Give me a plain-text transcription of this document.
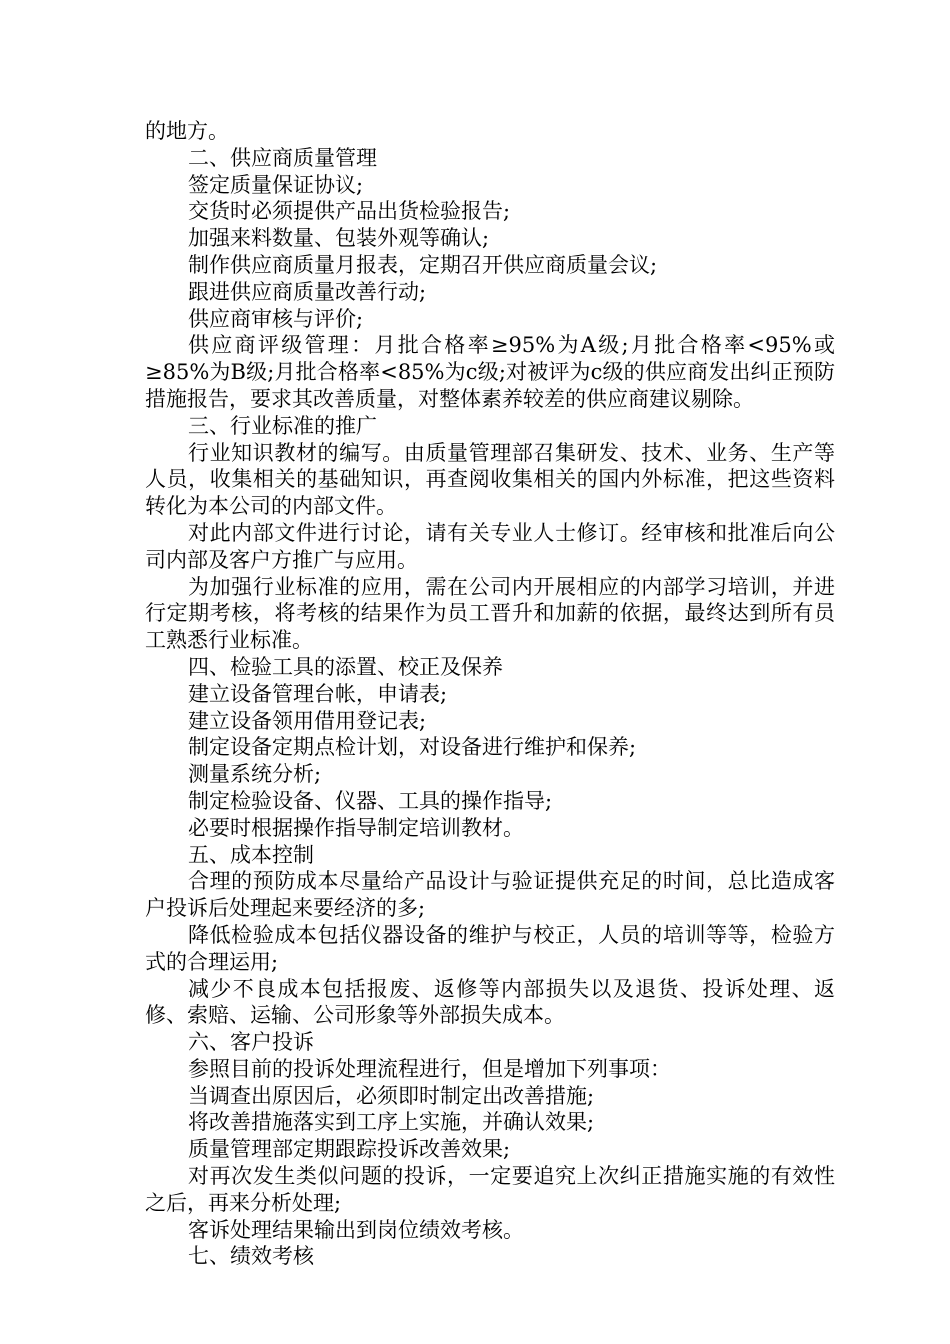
的地方。

二、供应商质量管理

签定质量保证协议;

交货时必须提供产品出货检验报告;

加强来料数量、包装外观等确认;

制作供应商质量月报表，定期召开供应商质量会议;

跟进供应商质量改善行动;

供应商审核与评价;

供应商评级管理：月批合格率≥95%为A级;月批合格率<95%或≥85%为B级;月批合格率<85%为c级;对被评为c级的供应商发出纠正预防措施报告，要求其改善质量，对整体素养较差的供应商建议剔除。

三、行业标准的推广

行业知识教材的编写。由质量管理部召集研发、技术、业务、生产等人员，收集相关的基础知识，再查阅收集相关的国内外标准，把这些资料转化为本公司的内部文件。

对此内部文件进行讨论，请有关专业人士修订。经审核和批准后向公司内部及客户方推广与应用。

为加强行业标准的应用，需在公司内开展相应的内部学习培训，并进行定期考核，将考核的结果作为员工晋升和加薪的依据，最终达到所有员工熟悉行业标准。

四、检验工具的添置、校正及保养

建立设备管理台帐，申请表;

建立设备领用借用登记表;

制定设备定期点检计划，对设备进行维护和保养;

测量系统分析;

制定检验设备、仪器、工具的操作指导;

必要时根据操作指导制定培训教材。

五、成本控制

合理的预防成本尽量给产品设计与验证提供充足的时间，总比造成客户投诉后处理起来要经济的多;

降低检验成本包括仪器设备的维护与校正，人员的培训等等，检验方式的合理运用;

减少不良成本包括报废、返修等内部损失以及退货、投诉处理、返修、索赔、运输、公司形象等外部损失成本。

六、客户投诉

参照目前的投诉处理流程进行，但是增加下列事项：

当调查出原因后，必须即时制定出改善措施;

将改善措施落实到工序上实施，并确认效果;

质量管理部定期跟踪投诉改善效果;

对再次发生类似问题的投诉，一定要追究上次纠正措施实施的有效性之后，再来分析处理;

客诉处理结果输出到岗位绩效考核。

七、绩效考核
